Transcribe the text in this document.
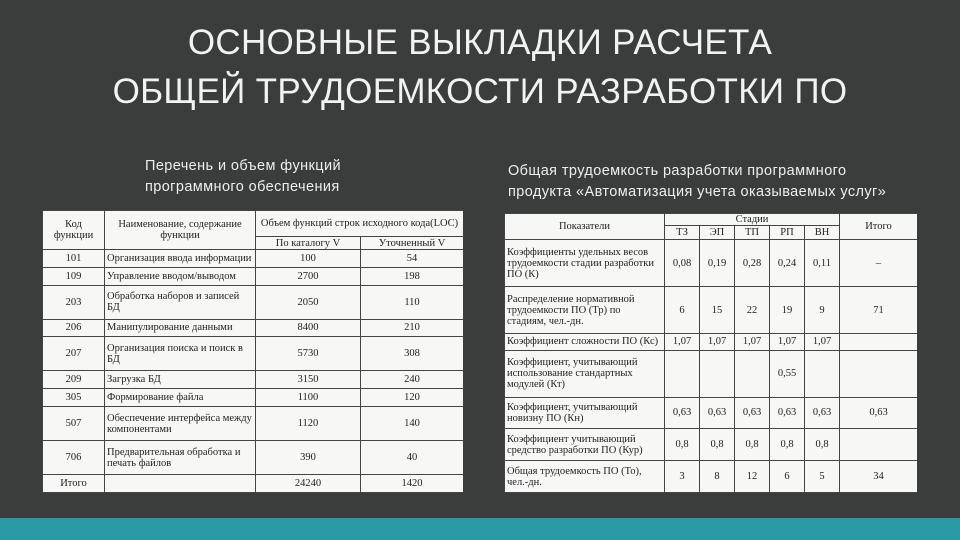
ОСНОВНЫЕ ВЫКЛАДКИ РАСЧЕТА
ОБЩЕЙ ТРУДОЕМКОСТИ РАЗРАБОТКИ ПО
Перечень и объем функций
программного обеспечения
Общая трудоемкость разработки программного
продукта «Автоматизация учета оказываемых услуг»
Код функции	Наименование, содержание функции	Объем функций строк исходного кода(LOC)	
		По каталогу V	Уточненный V
101	Организация ввода информации	100	54
109	Управление вводом/выводом	2700	198
203	Обработка наборов и записей БД	2050	110
206	Манипулирование данными	8400	210
207	Организация поиска и поиск в БД	5730	308
209	Загрузка БД	3150	240
305	Формирование файла	1100	120
507	Обеспечение интерфейса между компонентами	1120	140
706	Предварительная обработка и печать файлов	390	40
Итого		24240	1420
Показатели	Стадии					Итого
	ТЗ	ЭП	ТП	РП	ВН	
Коэффициенты удельных весов трудоемкости стадии разработки ПО (К)	0,08	0,19	0,28	0,24	0,11	–
Распределение нормативной трудоемкости ПО (Тр) по стадиям, чел.-дн.	6	15	22	19	9	71
Коэффициент сложности ПО (Кс)	1,07	1,07	1,07	1,07	1,07	
Коэффициент, учитывающий использование стандартных модулей (Кт)				0,55		
Коэффициент, учитывающий новизну ПО (Кн)	0,63	0,63	0,63	0,63	0,63	0,63
Коэффициент учитывающий средство разработки ПО (Кур)	0,8	0,8	0,8	0,8	0,8	
Общая трудоемкость ПО (То), чел.-дн.	3	8	12	6	5	34
